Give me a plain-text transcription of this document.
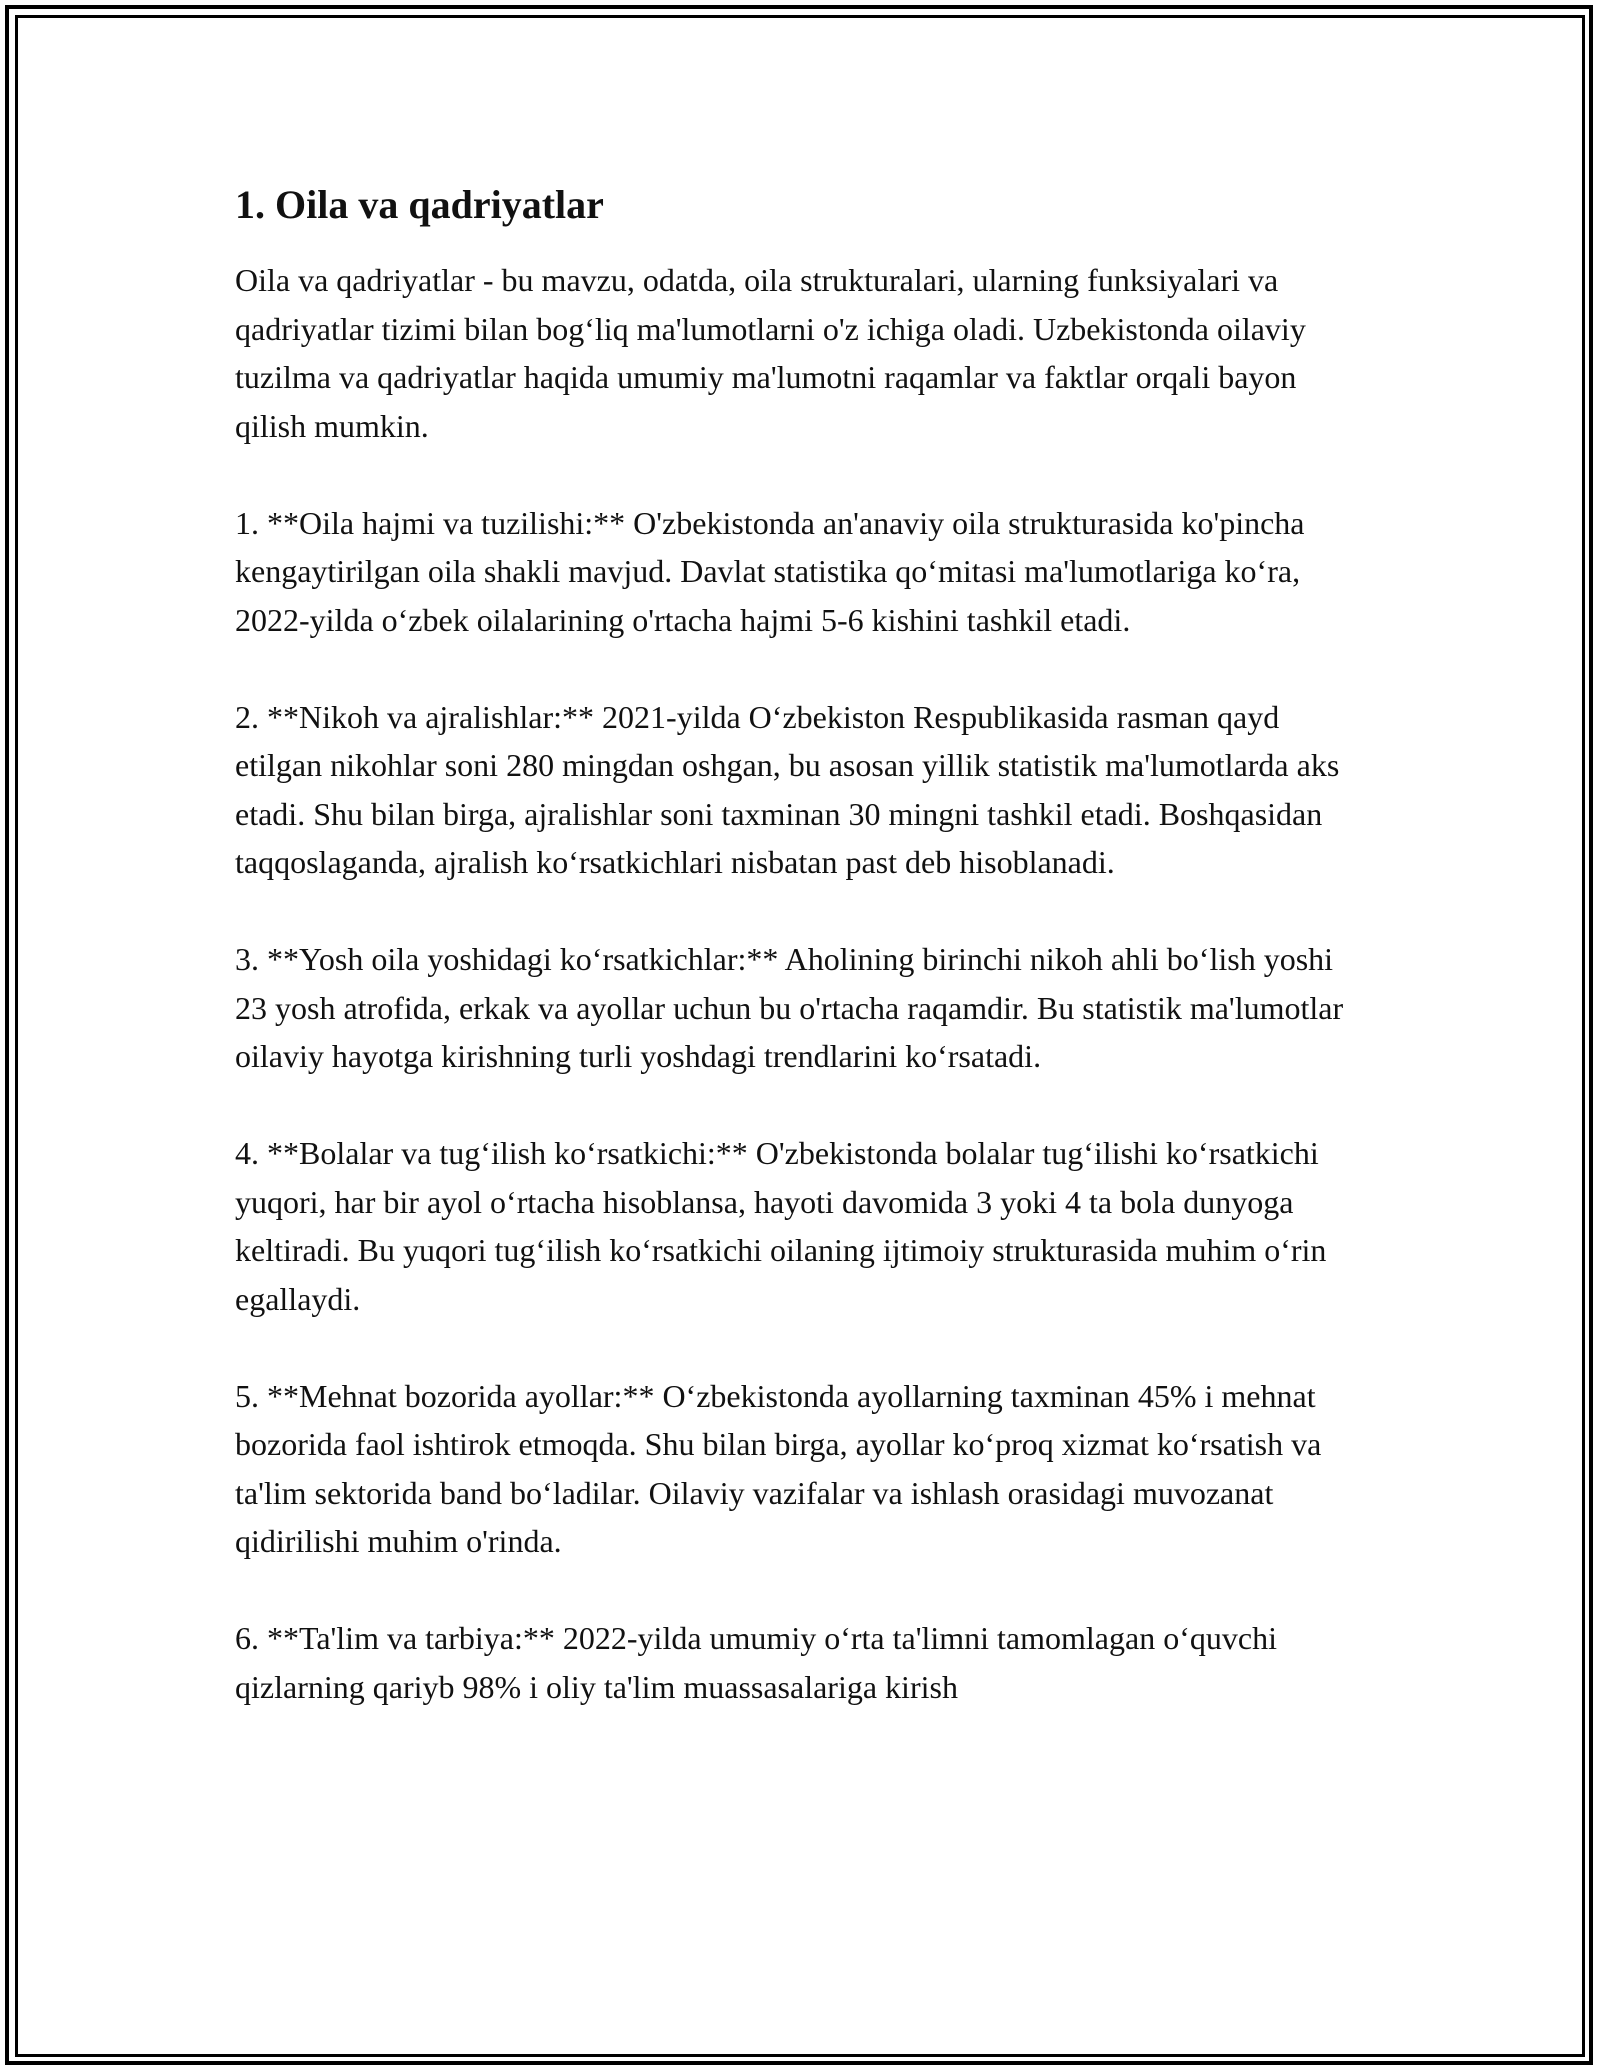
1. Oila va qadriyatlar

Oila va qadriyatlar - bu mavzu, odatda, oila strukturalari, ularning funksiyalari va qadriyatlar tizimi bilan bog‘liq ma'lumotlarni o'z ichiga oladi. Uzbekistonda oilaviy tuzilma va qadriyatlar haqida umumiy ma'lumotni raqamlar va faktlar orqali bayon qilish mumkin.

1. **Oila hajmi va tuzilishi:** O'zbekistonda an'anaviy oila strukturasida ko'pincha kengaytirilgan oila shakli mavjud. Davlat statistika qo‘mitasi ma'lumotlariga ko‘ra, 2022-yilda o‘zbek oilalarining o'rtacha hajmi 5-6 kishini tashkil etadi.

2. **Nikoh va ajralishlar:** 2021-yilda O‘zbekiston Respublikasida rasman qayd etilgan nikohlar soni 280 mingdan oshgan, bu asosan yillik statistik ma'lumotlarda aks etadi. Shu bilan birga, ajralishlar soni taxminan 30 mingni tashkil etadi. Boshqasidan taqqoslaganda, ajralish ko‘rsatkichlari nisbatan past deb hisoblanadi.

3. **Yosh oila yoshidagi ko‘rsatkichlar:** Aholining birinchi nikoh ahli bo‘lish yoshi 23 yosh atrofida, erkak va ayollar uchun bu o'rtacha raqamdir. Bu statistik ma'lumotlar oilaviy hayotga kirishning turli yoshdagi trendlarini ko‘rsatadi.

4. **Bolalar va tug‘ilish ko‘rsatkichi:** O'zbekistonda bolalar tug‘ilishi ko‘rsatkichi yuqori, har bir ayol o‘rtacha hisoblansa, hayoti davomida 3 yoki 4 ta bola dunyoga keltiradi. Bu yuqori tug‘ilish ko‘rsatkichi oilaning ijtimoiy strukturasida muhim o‘rin egallaydi.

5. **Mehnat bozorida ayollar:** O‘zbekistonda ayollarning taxminan 45% i mehnat bozorida faol ishtirok etmoqda. Shu bilan birga, ayollar ko‘proq xizmat ko‘rsatish va ta'lim sektorida band bo‘ladilar. Oilaviy vazifalar va ishlash orasidagi muvozanat qidirilishi muhim o'rinda.

6. **Ta'lim va tarbiya:** 2022-yilda umumiy o‘rta ta'limni tamomlagan o‘quvchi qizlarning qariyb 98% i oliy ta'lim muassasalariga kirish
